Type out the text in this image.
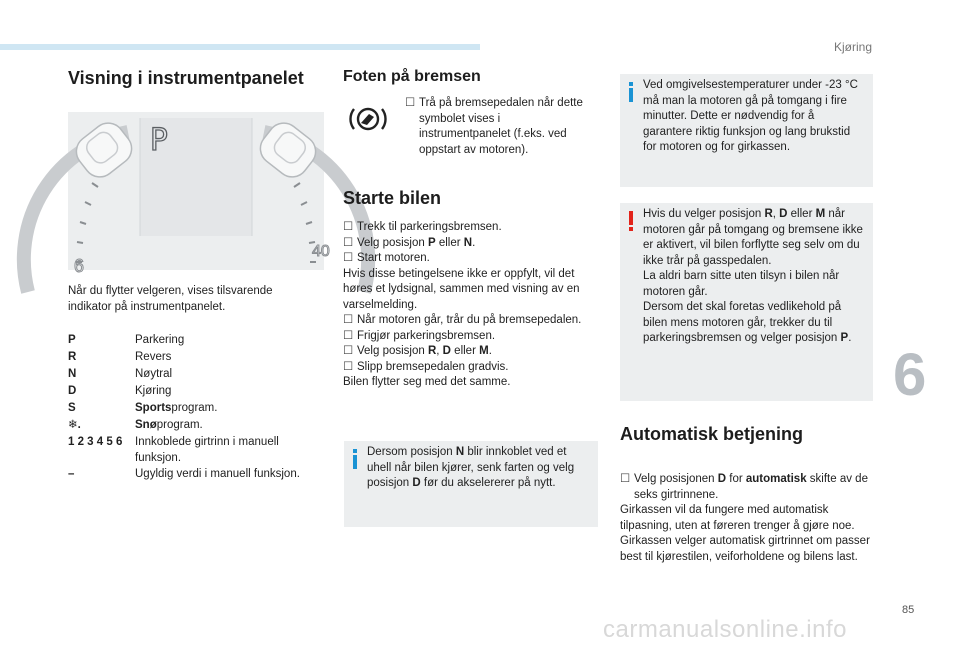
Kjøring
6
85
carmanualsonline.info
Visning i instrumentpanelet
P
6
40

Når du flytter velgeren, vises tilsvarende indikator på instrumentpanelet.

P	Parkering
R	Revers
N	Nøytral
D	Kjøring
S	Sportsprogram.
❄.	Snøprogram.
1 2 3 4 5 6	Innkoblede girtrinn i manuell funksjon.
–	Ugyldig verdi i manuell funksjon.
Foten på bremsen
☐ Trå på bremsepedalen når dette symbolet vises i instrumentpanelet (f.eks. ved oppstart av motoren).
Starte bilen
☐ Trekk til parkeringsbremsen.
☐ Velg posisjon P eller N.
☐ Start motoren.
Hvis disse betingelsene ikke er oppfylt, vil det høres et lydsignal, sammen med visning av en varselmelding.
☐ Når motoren går, trår du på bremsepedalen.
☐ Frigjør parkeringsbremsen.
☐ Velg posisjon R, D eller M.
☐ Slipp bremsepedalen gradvis.
Bilen flytter seg med det samme.
Dersom posisjon N blir innkoblet ved et uhell når bilen kjører, senk farten og velg posisjon D før du akselererer på nytt.
Ved omgivelsestemperaturer under -23 °C må man la motoren gå på tomgang i fire minutter. Dette er nødvendig for å garantere riktig funksjon og lang brukstid for motoren og for girkassen.
Hvis du velger posisjon R, D eller M når motoren går på tomgang og bremsene ikke er aktivert, vil bilen forflytte seg selv om du ikke trår på gasspedalen.
La aldri barn sitte uten tilsyn i bilen når motoren går.
Dersom det skal foretas vedlikehold på bilen mens motoren går, trekker du til parkeringsbremsen og velger posisjon P.
Automatisk betjening
☐ Velg posisjonen D for automatisk skifte av de seks girtrinnene.
Girkassen vil da fungere med automatisk tilpasning, uten at føreren trenger å gjøre noe.
Girkassen velger automatisk girtrinnet om passer best til kjørestilen, veiforholdene og bilens last.
